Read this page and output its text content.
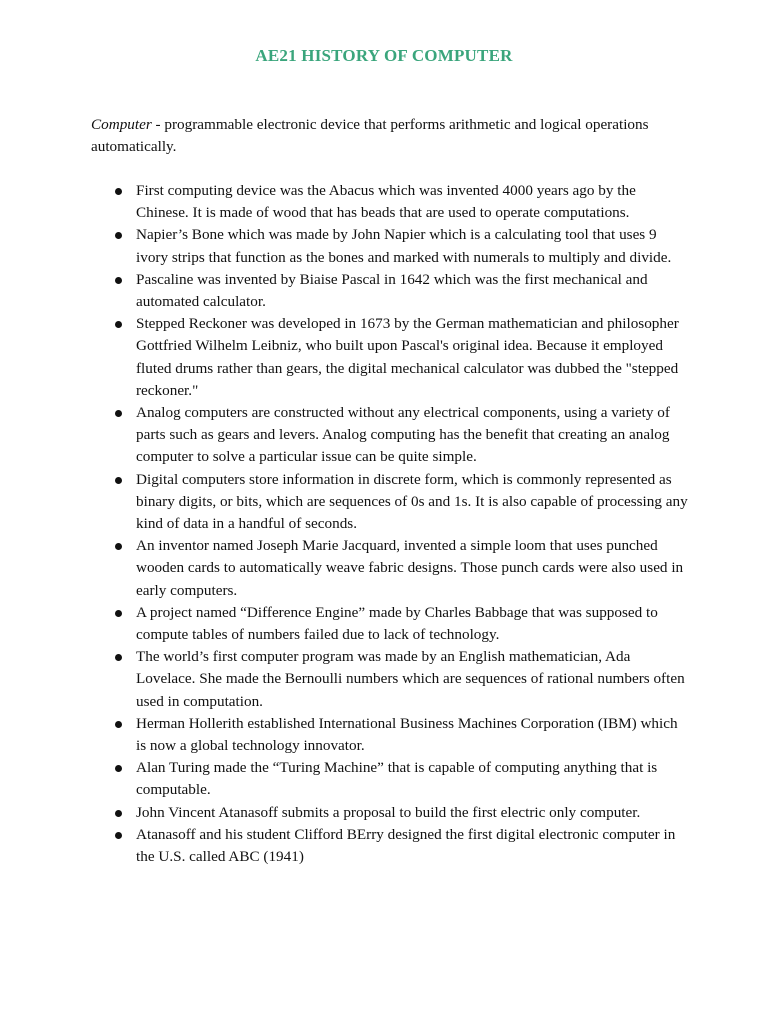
AE21 HISTORY OF COMPUTER

Computer - programmable electronic device that performs arithmetic and logical operations automatically.

First computing device was the Abacus which was invented 4000 years ago by the Chinese. It is made of wood that has beads that are used to operate computations.
Napier’s Bone which was made by John Napier which is a calculating tool that uses 9 ivory strips that function as the bones and marked with numerals to multiply and divide.
Pascaline was invented by Biaise Pascal in 1642 which was the first mechanical and automated calculator.
Stepped Reckoner was developed in 1673 by the German mathematician and philosopher Gottfried Wilhelm Leibniz, who built upon Pascal's original idea. Because it employed fluted drums rather than gears, the digital mechanical calculator was dubbed the "stepped reckoner."
Analog computers are constructed without any electrical components, using a variety of parts such as gears and levers. Analog computing has the benefit that creating an analog computer to solve a particular issue can be quite simple.
Digital computers store information in discrete form, which is commonly represented as binary digits, or bits, which are sequences of 0s and 1s. It is also capable of processing any kind of data in a handful of seconds.
An inventor named Joseph Marie Jacquard, invented a simple loom that uses punched wooden cards to automatically weave fabric designs. Those punch cards were also used in early computers.
A project named “Difference Engine” made by Charles Babbage that was supposed to compute tables of numbers failed due to lack of technology.
The world’s first computer program was made by an English mathematician, Ada Lovelace. She made the Bernoulli numbers which are sequences of rational numbers often used in computation.
Herman Hollerith established International Business Machines Corporation (IBM) which is now a global technology innovator.
Alan Turing made the “Turing Machine” that is capable of computing anything that is computable.
John Vincent Atanasoff submits a proposal to build the first electric only computer.
Atanasoff and his student Clifford BErry designed the first digital electronic computer in the U.S. called ABC (1941)
